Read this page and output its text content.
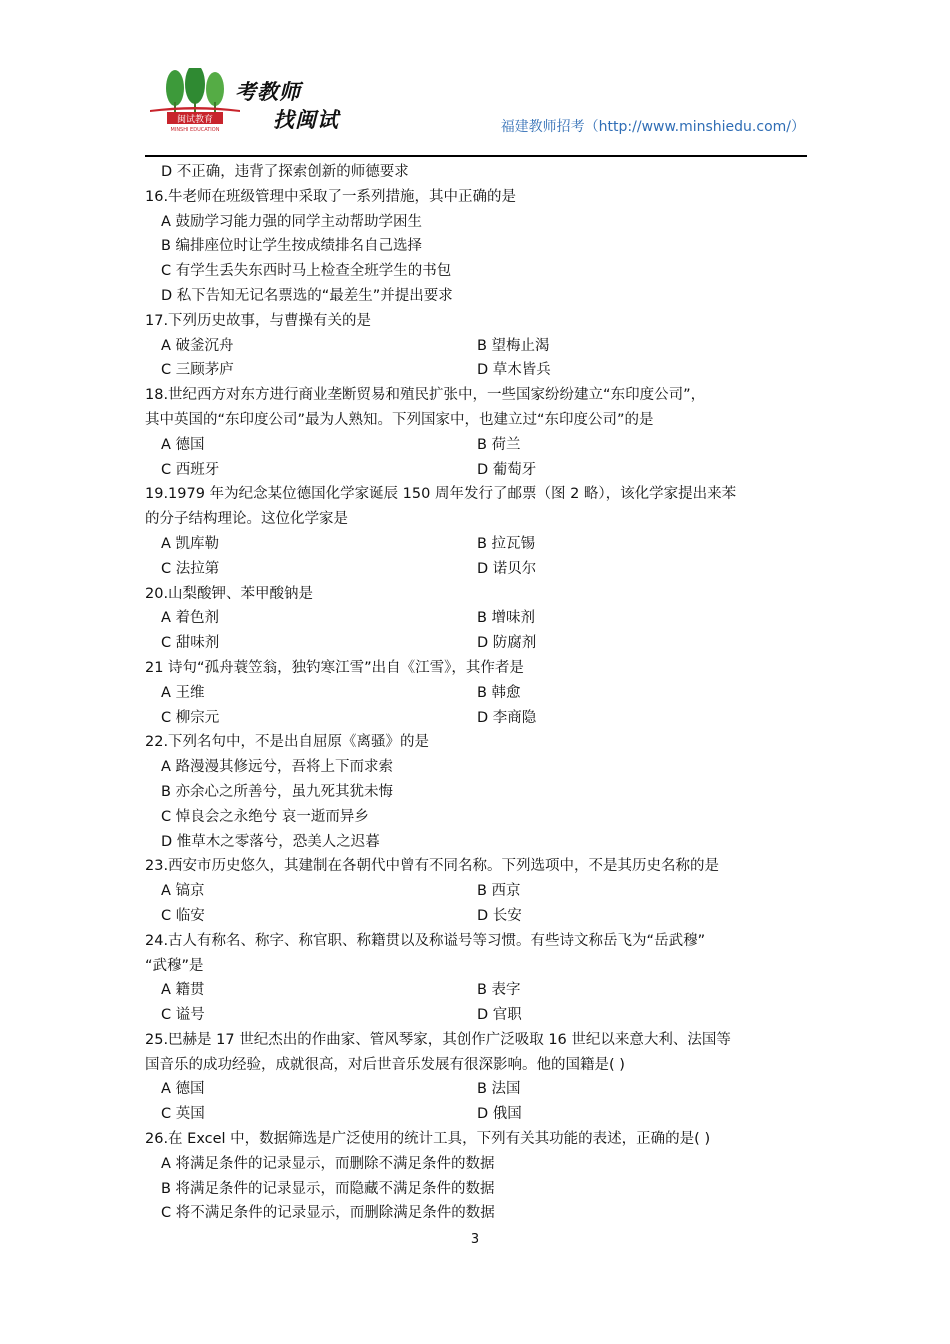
闽试教育
MINSHI EDUCATION
考教师
找闽试	福建教师招考（http://www.minshiedu.com/）
D 不正确，违背了探索创新的师德要求
16.牛老师在班级管理中采取了一系列措施，其中正确的是
A 鼓励学习能力强的同学主动帮助学困生
B 编排座位时让学生按成绩排名自己选择
C 有学生丢失东西时马上检查全班学生的书包
D 私下告知无记名票选的“最差生”并提出要求
17.下列历史故事，与曹操有关的是
A 破釜沉舟	B 望梅止渴
C 三顾茅庐	D 草木皆兵
18.世纪西方对东方进行商业垄断贸易和殖民扩张中，一些国家纷纷建立“东印度公司”，
其中英国的“东印度公司”最为人熟知。下列国家中，也建立过“东印度公司”的是
A 德国	B 荷兰
C 西班牙	D 葡萄牙
19.1979 年为纪念某位德国化学家诞辰 150 周年发行了邮票（图 2 略），该化学家提出来苯
的分子结构理论。这位化学家是
A 凯库勒	B 拉瓦锡
C 法拉第	D 诺贝尔
20.山梨酸钾、苯甲酸钠是
A 着色剂	B 增味剂
C 甜味剂	D 防腐剂
21 诗句“孤舟蓑笠翁，独钓寒江雪”出自《江雪》，其作者是
A 王维	B 韩愈
C 柳宗元	D 李商隐
22.下列名句中，不是出自屈原《离骚》的是
A 路漫漫其修远兮，吾将上下而求索
B 亦余心之所善兮，虽九死其犹未悔
C 悼良会之永绝兮 哀一逝而异乡
D 惟草木之零落兮，恐美人之迟暮
23.西安市历史悠久，其建制在各朝代中曾有不同名称。下列选项中，不是其历史名称的是
A 镐京	B 西京
C 临安	D 长安
24.古人有称名、称字、称官职、称籍贯以及称谥号等习惯。有些诗文称岳飞为“岳武穆”
“武穆”是
A 籍贯	B 表字
C 谥号	D 官职
25.巴赫是 17 世纪杰出的作曲家、管风琴家，其创作广泛吸取 16 世纪以来意大利、法国等
国音乐的成功经验，成就很高，对后世音乐发展有很深影响。他的国籍是( )
A 德国	B 法国
C 英国	D 俄国
26.在 Excel 中，数据筛选是广泛使用的统计工具，下列有关其功能的表述，正确的是( )
A 将满足条件的记录显示，而删除不满足条件的数据
B 将满足条件的记录显示，而隐藏不满足条件的数据
C 将不满足条件的记录显示，而删除满足条件的数据
3
